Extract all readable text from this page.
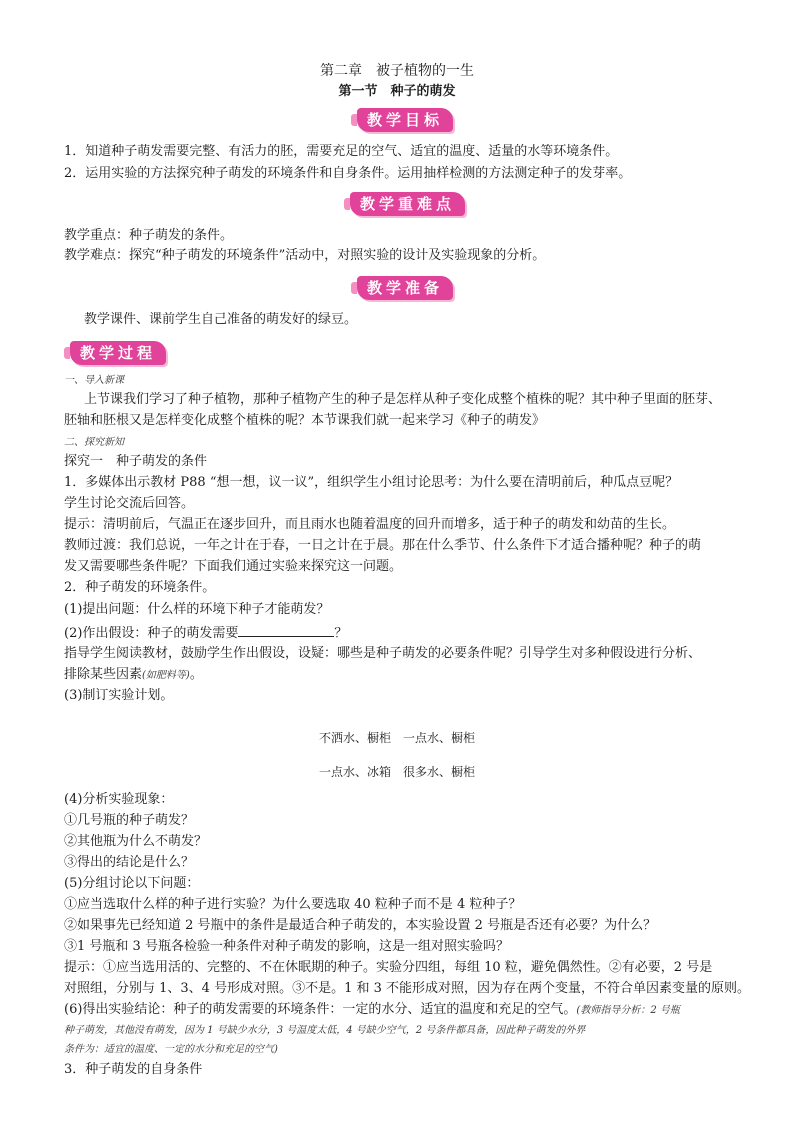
第二章　被子植物的一生
第一节　种子的萌发
教学目标
1．知道种子萌发需要完整、有活力的胚，需要充足的空气、适宜的温度、适量的水等环境条件。
2．运用实验的方法探究种子萌发的环境条件和自身条件。运用抽样检测的方法测定种子的发芽率。
教学重难点
教学重点：种子萌发的条件。
教学难点：探究“种子萌发的环境条件”活动中，对照实验的设计及实验现象的分析。
教学准备
教学课件、课前学生自己准备的萌发好的绿豆。
教学过程
一、导入新课
上节课我们学习了种子植物，那种子植物产生的种子是怎样从种子变化成整个植株的呢？其中种子里面的胚芽、
胚轴和胚根又是怎样变化成整个植株的呢？本节课我们就一起来学习《种子的萌发》
二、探究新知
探究一　种子萌发的条件
1．多媒体出示教材 P88 “想一想，议一议”，组织学生小组讨论思考：为什么要在清明前后，种瓜点豆呢？
学生讨论交流后回答。
提示：清明前后，气温正在逐步回升，而且雨水也随着温度的回升而增多，适于种子的萌发和幼苗的生长。
教师过渡：我们总说，一年之计在于春，一日之计在于晨。那在什么季节、什么条件下才适合播种呢？种子的萌
发又需要哪些条件呢？下面我们通过实验来探究这一问题。
2．种子萌发的环境条件。
(1)提出问题：什么样的环境下种子才能萌发？
(2)作出假设：种子的萌发需要	？
指导学生阅读教材，鼓励学生作出假设，设疑：哪些是种子萌发的必要条件呢？引导学生对多种假设进行分析、
排除某些因素(如肥料等)。
(3)制订实验计划。
不洒水、橱柜　一点水、橱柜
一点水、冰箱　很多水、橱柜
(4)分析实验现象：
①几号瓶的种子萌发？
②其他瓶为什么不萌发？
③得出的结论是什么？
(5)分组讨论以下问题：
①应当选取什么样的种子进行实验？为什么要选取 40 粒种子而不是 4 粒种子？
②如果事先已经知道 2 号瓶中的条件是最适合种子萌发的，本实验设置 2 号瓶是否还有必要？为什么？
③1 号瓶和 3 号瓶各检验一种条件对种子萌发的影响，这是一组对照实验吗？
提示：①应当选用活的、完整的、不在休眠期的种子。实验分四组，每组 10 粒，避免偶然性。②有必要，2 号是
对照组，分别与 1、3、4 号形成对照。③不是。1 和 3 不能形成对照，因为存在两个变量，不符合单因素变量的原则。
(6)得出实验结论：种子的萌发需要的环境条件：一定的水分、适宜的温度和充足的空气。(教师指导分析：2 号瓶
种子萌发，其他没有萌发，因为 1 号缺少水分，3 号温度太低，4 号缺少空气，2 号条件都具备，因此种子萌发的外界
条件为：适宜的温度、一定的水分和充足的空气)
3．种子萌发的自身条件
